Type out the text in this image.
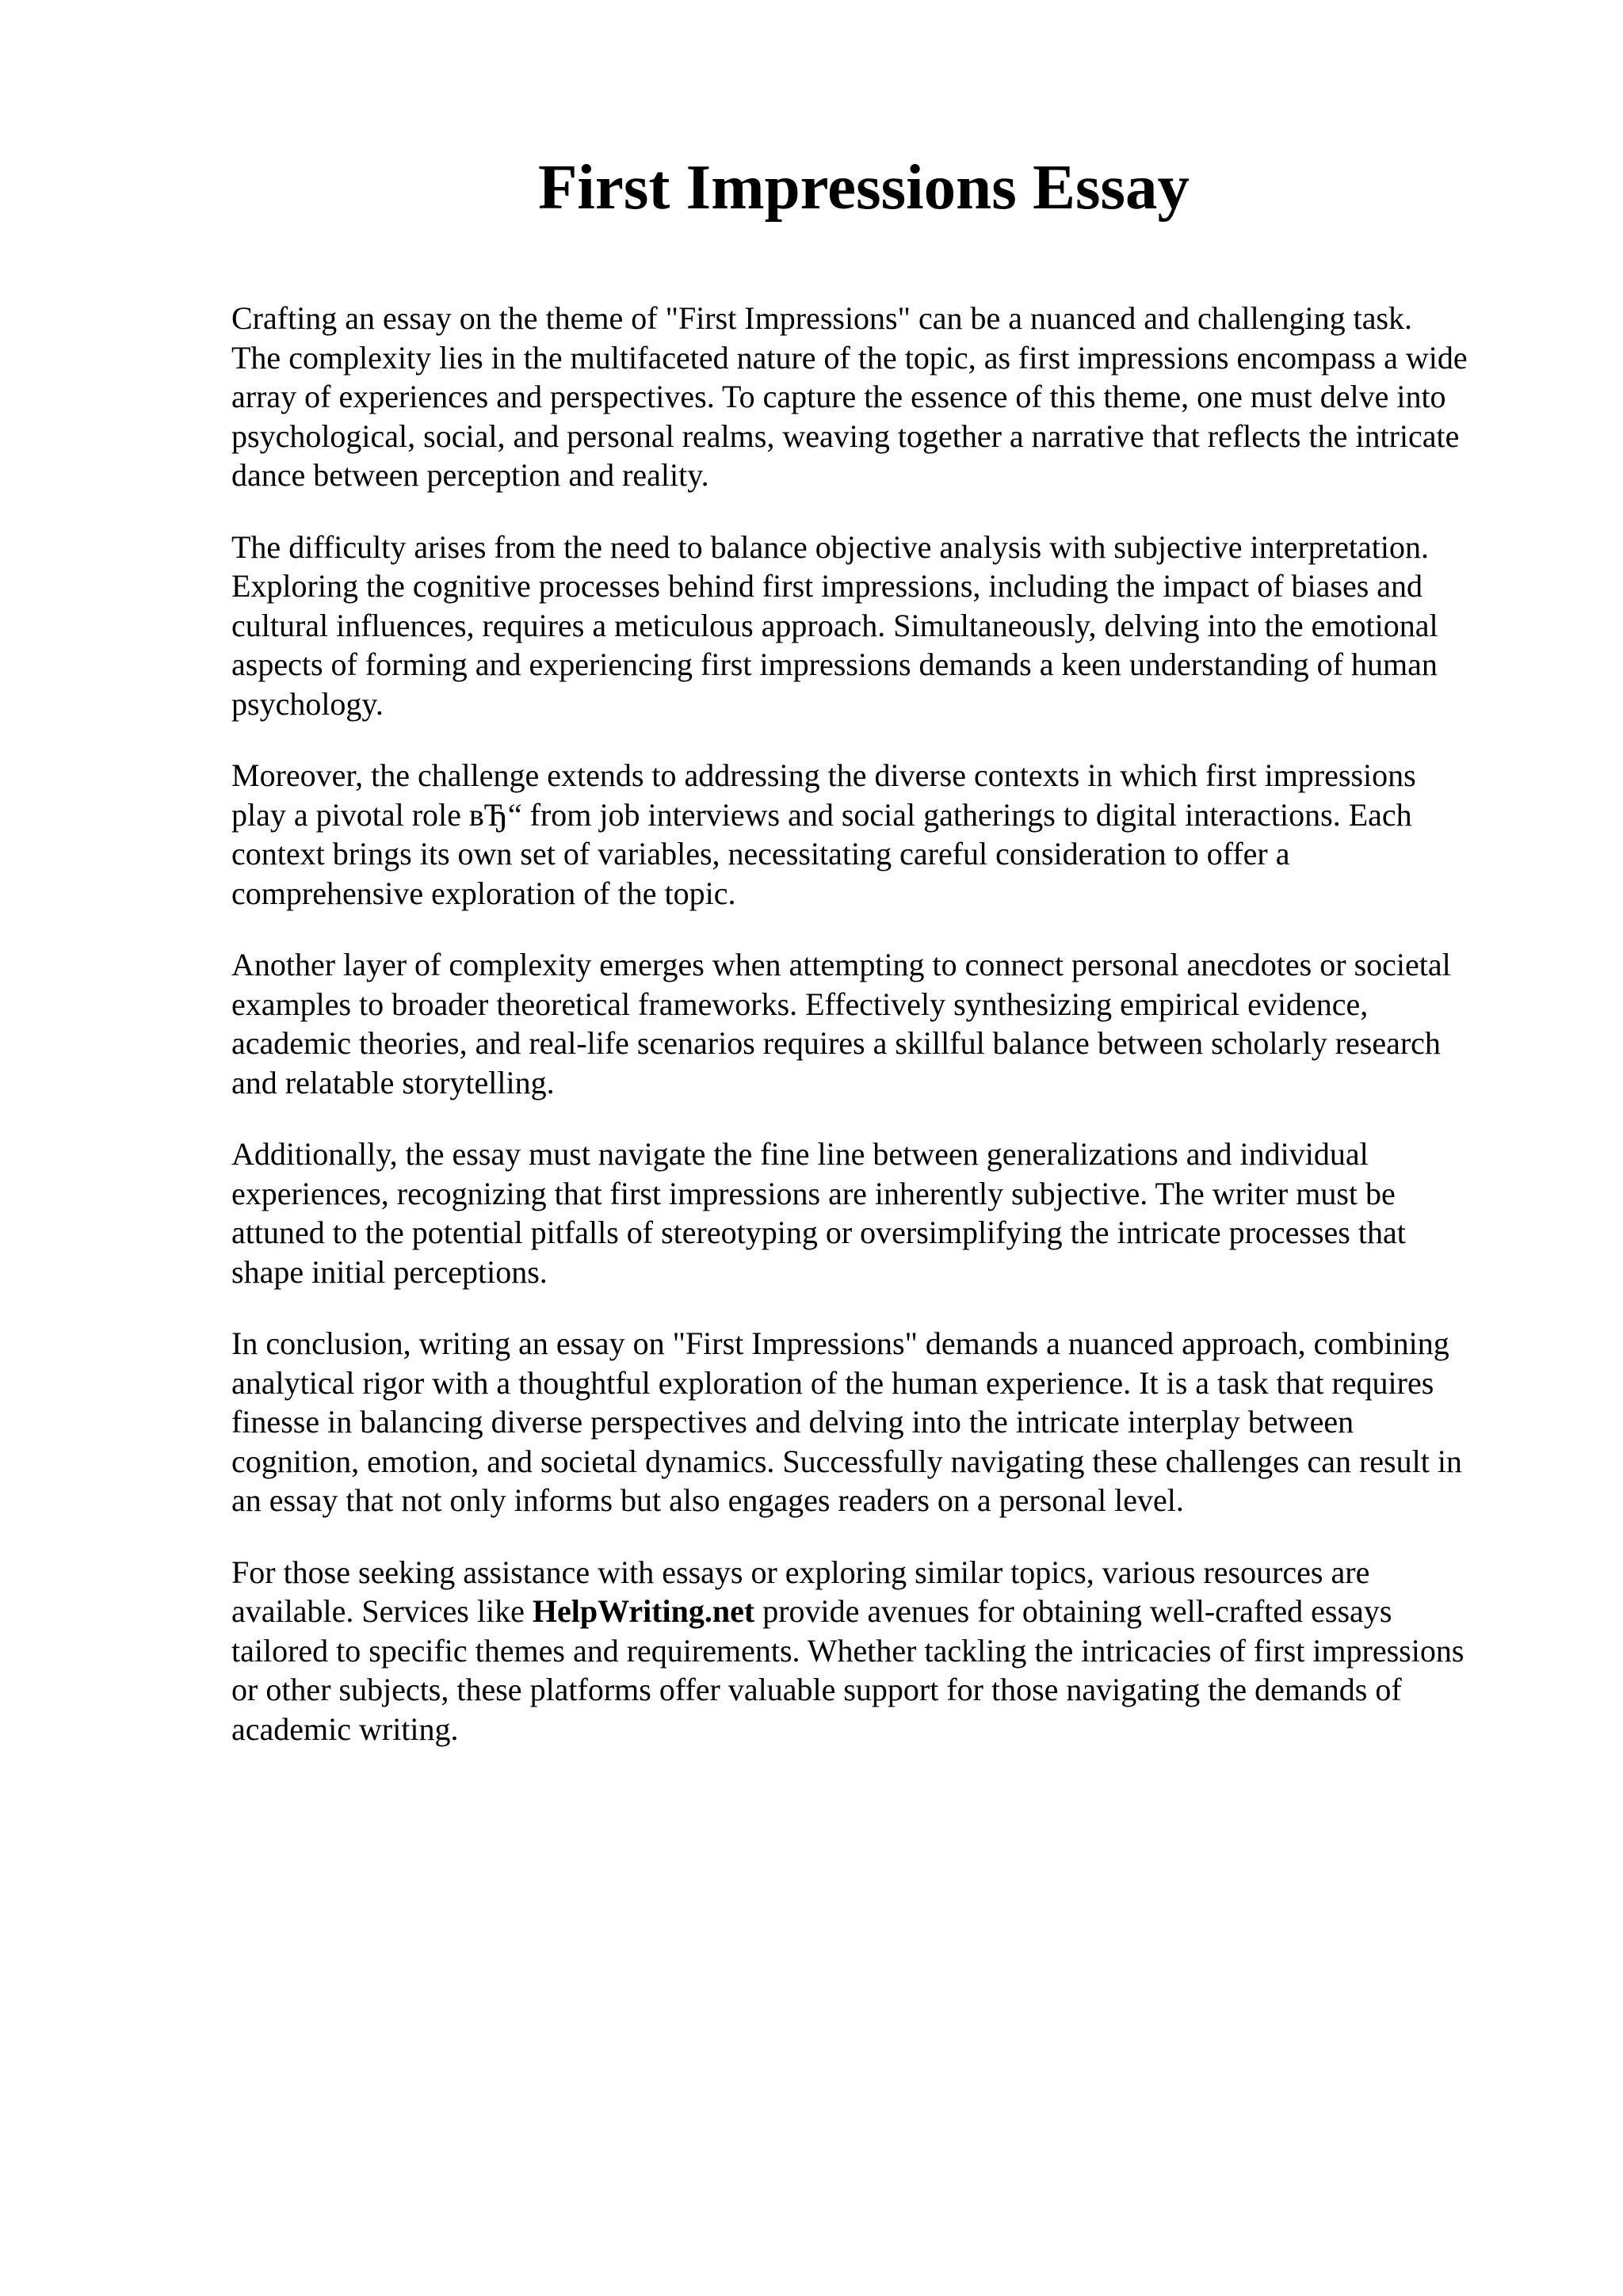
First Impressions Essay

Crafting an essay on the theme of "First Impressions" can be a nuanced and challenging task.
The complexity lies in the multifaceted nature of the topic, as first impressions encompass a wide
array of experiences and perspectives. To capture the essence of this theme, one must delve into
psychological, social, and personal realms, weaving together a narrative that reflects the intricate
dance between perception and reality.

The difficulty arises from the need to balance objective analysis with subjective interpretation.
Exploring the cognitive processes behind first impressions, including the impact of biases and
cultural influences, requires a meticulous approach. Simultaneously, delving into the emotional
aspects of forming and experiencing first impressions demands a keen understanding of human
psychology.

Moreover, the challenge extends to addressing the diverse contexts in which first impressions
play a pivotal role вЂ“ from job interviews and social gatherings to digital interactions. Each
context brings its own set of variables, necessitating careful consideration to offer a
comprehensive exploration of the topic.

Another layer of complexity emerges when attempting to connect personal anecdotes or societal
examples to broader theoretical frameworks. Effectively synthesizing empirical evidence,
academic theories, and real-life scenarios requires a skillful balance between scholarly research
and relatable storytelling.

Additionally, the essay must navigate the fine line between generalizations and individual
experiences, recognizing that first impressions are inherently subjective. The writer must be
attuned to the potential pitfalls of stereotyping or oversimplifying the intricate processes that
shape initial perceptions.

In conclusion, writing an essay on "First Impressions" demands a nuanced approach, combining
analytical rigor with a thoughtful exploration of the human experience. It is a task that requires
finesse in balancing diverse perspectives and delving into the intricate interplay between
cognition, emotion, and societal dynamics. Successfully navigating these challenges can result in
an essay that not only informs but also engages readers on a personal level.

For those seeking assistance with essays or exploring similar topics, various resources are
available. Services like HelpWriting.net provide avenues for obtaining well-crafted essays
tailored to specific themes and requirements. Whether tackling the intricacies of first impressions
or other subjects, these platforms offer valuable support for those navigating the demands of
academic writing.
